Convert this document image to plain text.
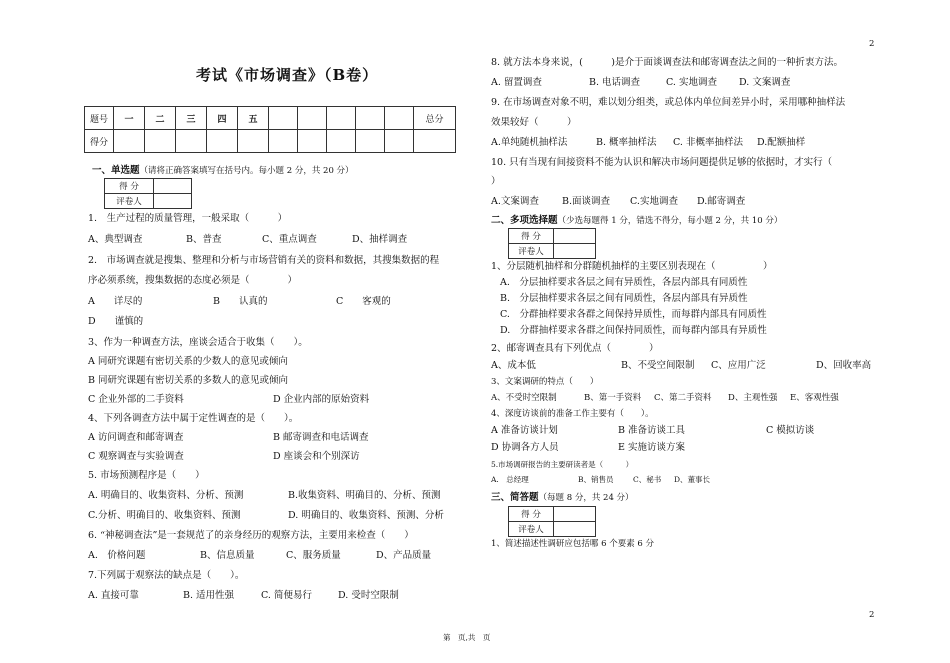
2
2
第　页,共　页
考试《市场调查》（B卷）
题号	一	二	三	四	五						总分
得分											
一、单选题（请将正确答案填写在括号内。每小题 2 分，共 20 分）
得 分	
评卷人	
1.　生产过程的质量管理，一般采取（　　　）
A、典型调查	B、普查	C、重点调查	D、抽样调查
2.　市场调查就是搜集、整理和分析与市场营销有关的资料和数据，其搜集数据的程
序必须系统，搜集数据的态度必须是（　　　　）
A　　详尽的	B　　认真的	C　　客观的
D　　谨慎的
3、作为一种调查方法，座谈会适合于收集（　　）。
A 同研究课题有密切关系的少数人的意见或倾向
B 同研究课题有密切关系的多数人的意见或倾向
C 企业外部的二手资料	D 企业内部的原始资料
4、下列各调查方法中属于定性调查的是（　　）。
A 访问调查和邮寄调查	B 邮寄调查和电话调查
C 观察调查与实验调查	D 座谈会和个别深访
5. 市场预测程序是（　　）
A. 明确目的、收集资料、分析、预测	B.收集资料、明确目的、分析、预测
C.分析、明确目的、收集资料、预测	D. 明确目的、收集资料、预测、分析
6. “神秘调查法”是一套规范了的亲身经历的观察方法，主要用来检查（　　）
A.　价格问题	B、信息质量	C、服务质量	D、产品质量
7.下列属于观察法的缺点是（　　）。
A. 直接可靠	B. 适用性强	C. 简便易行	D. 受时空限制
8. 就方法本身来说，(　　　)是介于面谈调查法和邮寄调查法之间的一种折衷方法。
A. 留置调查	B. 电话调查	C. 实地调查 D. 文案调查
9. 在市场调查对象不明，难以划分组类，或总体内单位间差异小时，采用哪种抽样法
效果较好（　　　）
A.单纯随机抽样法	B. 概率抽样法 C. 非概率抽样法 D.配额抽样
10. 只有当现有间接资料不能为认识和解决市场问题提供足够的依据时，才实行（
）
A.文案调查 B.面谈调查 C.实地调查 D.邮寄调查
二、多项选择题（少选每题得 1 分，错选不得分，每小题 2 分，共 10 分）
得 分	
评卷人	
1、分层随机抽样和分群随机抽样的主要区别表现在（　　　　　）
A.　分层抽样要求各层之间有异质性，各层内部具有同质性
B.　分层抽样要求各层之间有同质性，各层内部具有异质性
C.　分群抽样要求各群之间保持异质性，而每群内部具有同质性
D.　分群抽样要求各群之间保持同质性，而每群内部具有异质性
2、邮寄调查具有下列优点（　　　　）
A、成本低	B、不受空间限制 C、应用广泛	D、回收率高
3、文案调研的特点（　　）
A、不受时空限制	B、第一手资料 C、第二手资料 D、主观性强 E、客观性强
4、深度访谈前的准备工作主要有（　　）。
A 准备访谈计划	B 准备访谈工具	C 模拟访谈
D 协调各方人员	E 实施访谈方案
5.市场调研报告的主要研读者是（　　　）
A.　总经理	B、销售员	C、秘书 D、董事长
三、简答题（每题 8 分，共 24 分）
得 分	
评卷人	
1、简述描述性调研应包括哪 6 个要素 6 分
